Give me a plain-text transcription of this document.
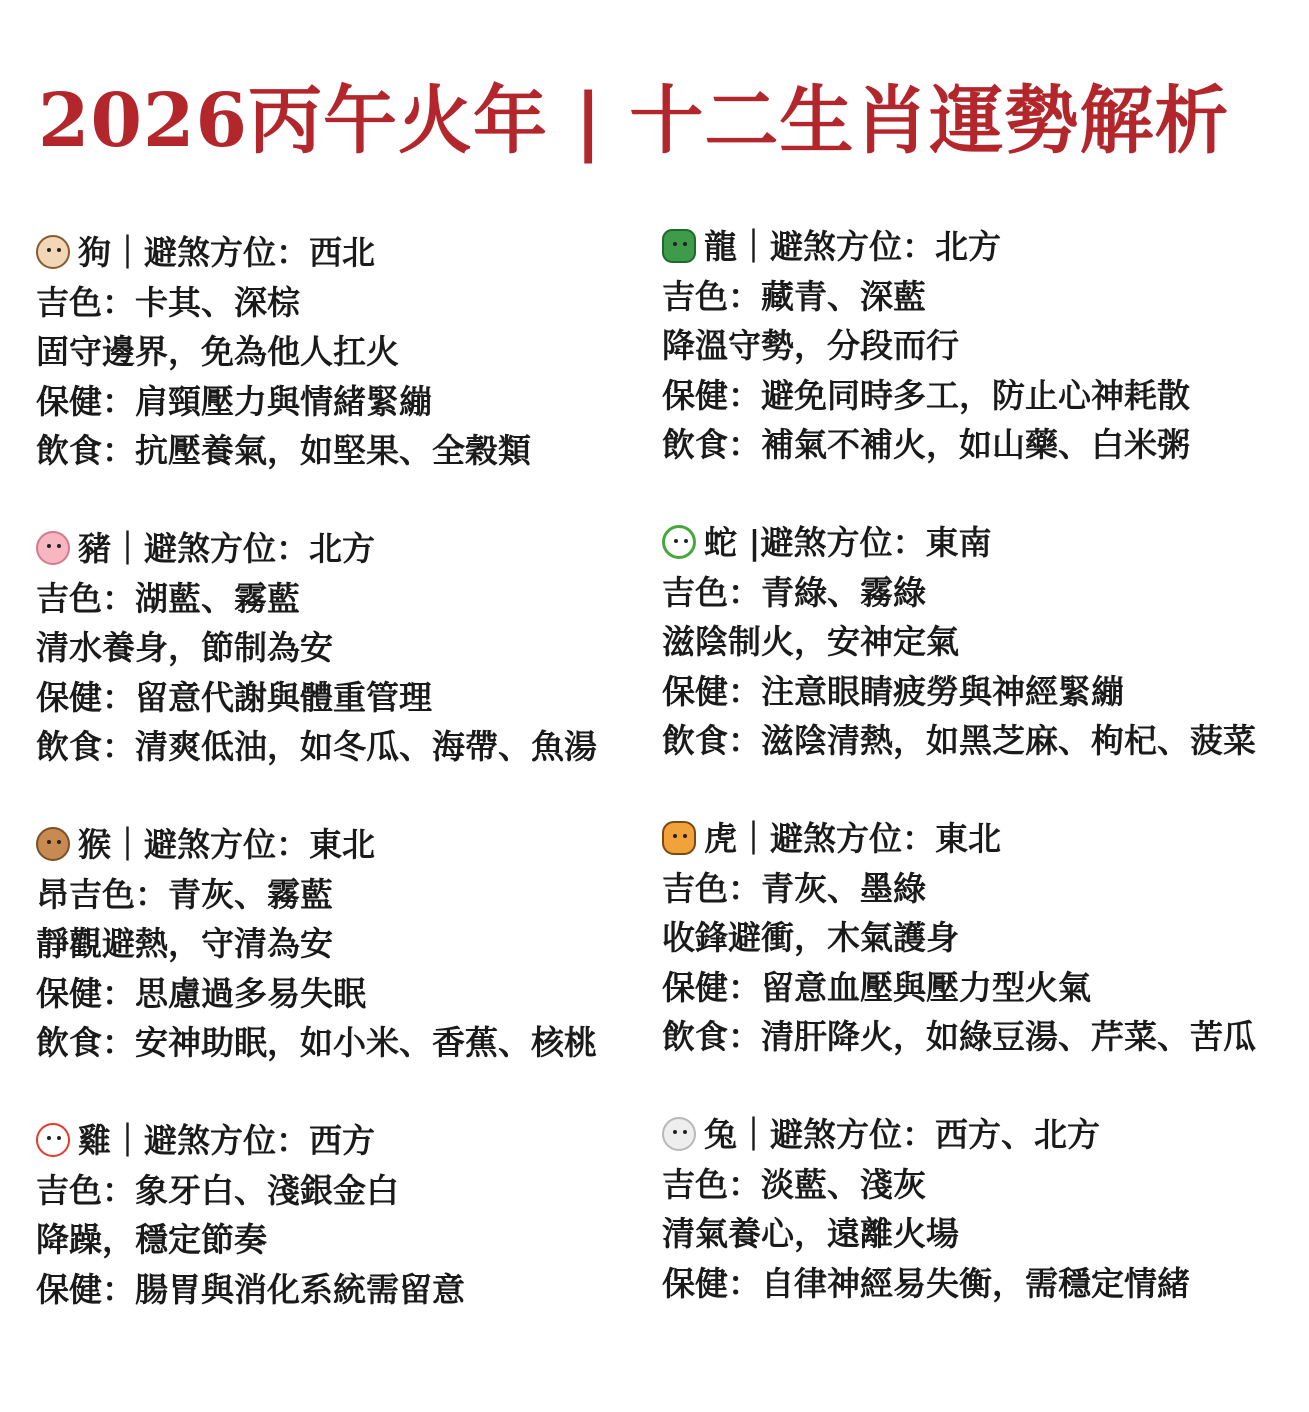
2026丙午火年 | 十二生肖運勢解析
狗｜避煞方位：西北
吉色：卡其、深棕
固守邊界，免為他人扛火
保健：肩頸壓力與情緒緊繃
飲食：抗壓養氣，如堅果、全穀類
豬｜避煞方位：北方
吉色：湖藍、霧藍
清水養身，節制為安
保健：留意代謝與體重管理
飲食：清爽低油，如冬瓜、海帶、魚湯
猴｜避煞方位：東北
昂吉色：青灰、霧藍
靜觀避熱，守清為安
保健：思慮過多易失眠
飲食：安神助眠，如小米、香蕉、核桃
雞｜避煞方位：西方
吉色：象牙白、淺銀金白
降躁，穩定節奏
保健：腸胃與消化系統需留意
龍｜避煞方位：北方
吉色：藏青、深藍
降溫守勢，分段而行
保健：避免同時多工，防止心神耗散
飲食：補氣不補火，如山藥、白米粥
蛇 |避煞方位：東南
吉色：青綠、霧綠
滋陰制火，安神定氣
保健：注意眼睛疲勞與神經緊繃
飲食：滋陰清熱，如黑芝麻、枸杞、菠菜
虎｜避煞方位：東北
吉色：青灰、墨綠
收鋒避衝，木氣護身
保健：留意血壓與壓力型火氣
飲食：清肝降火，如綠豆湯、芹菜、苦瓜
兔｜避煞方位：西方、北方
吉色：淡藍、淺灰
清氣養心，遠離火場
保健：自律神經易失衡，需穩定情緒
